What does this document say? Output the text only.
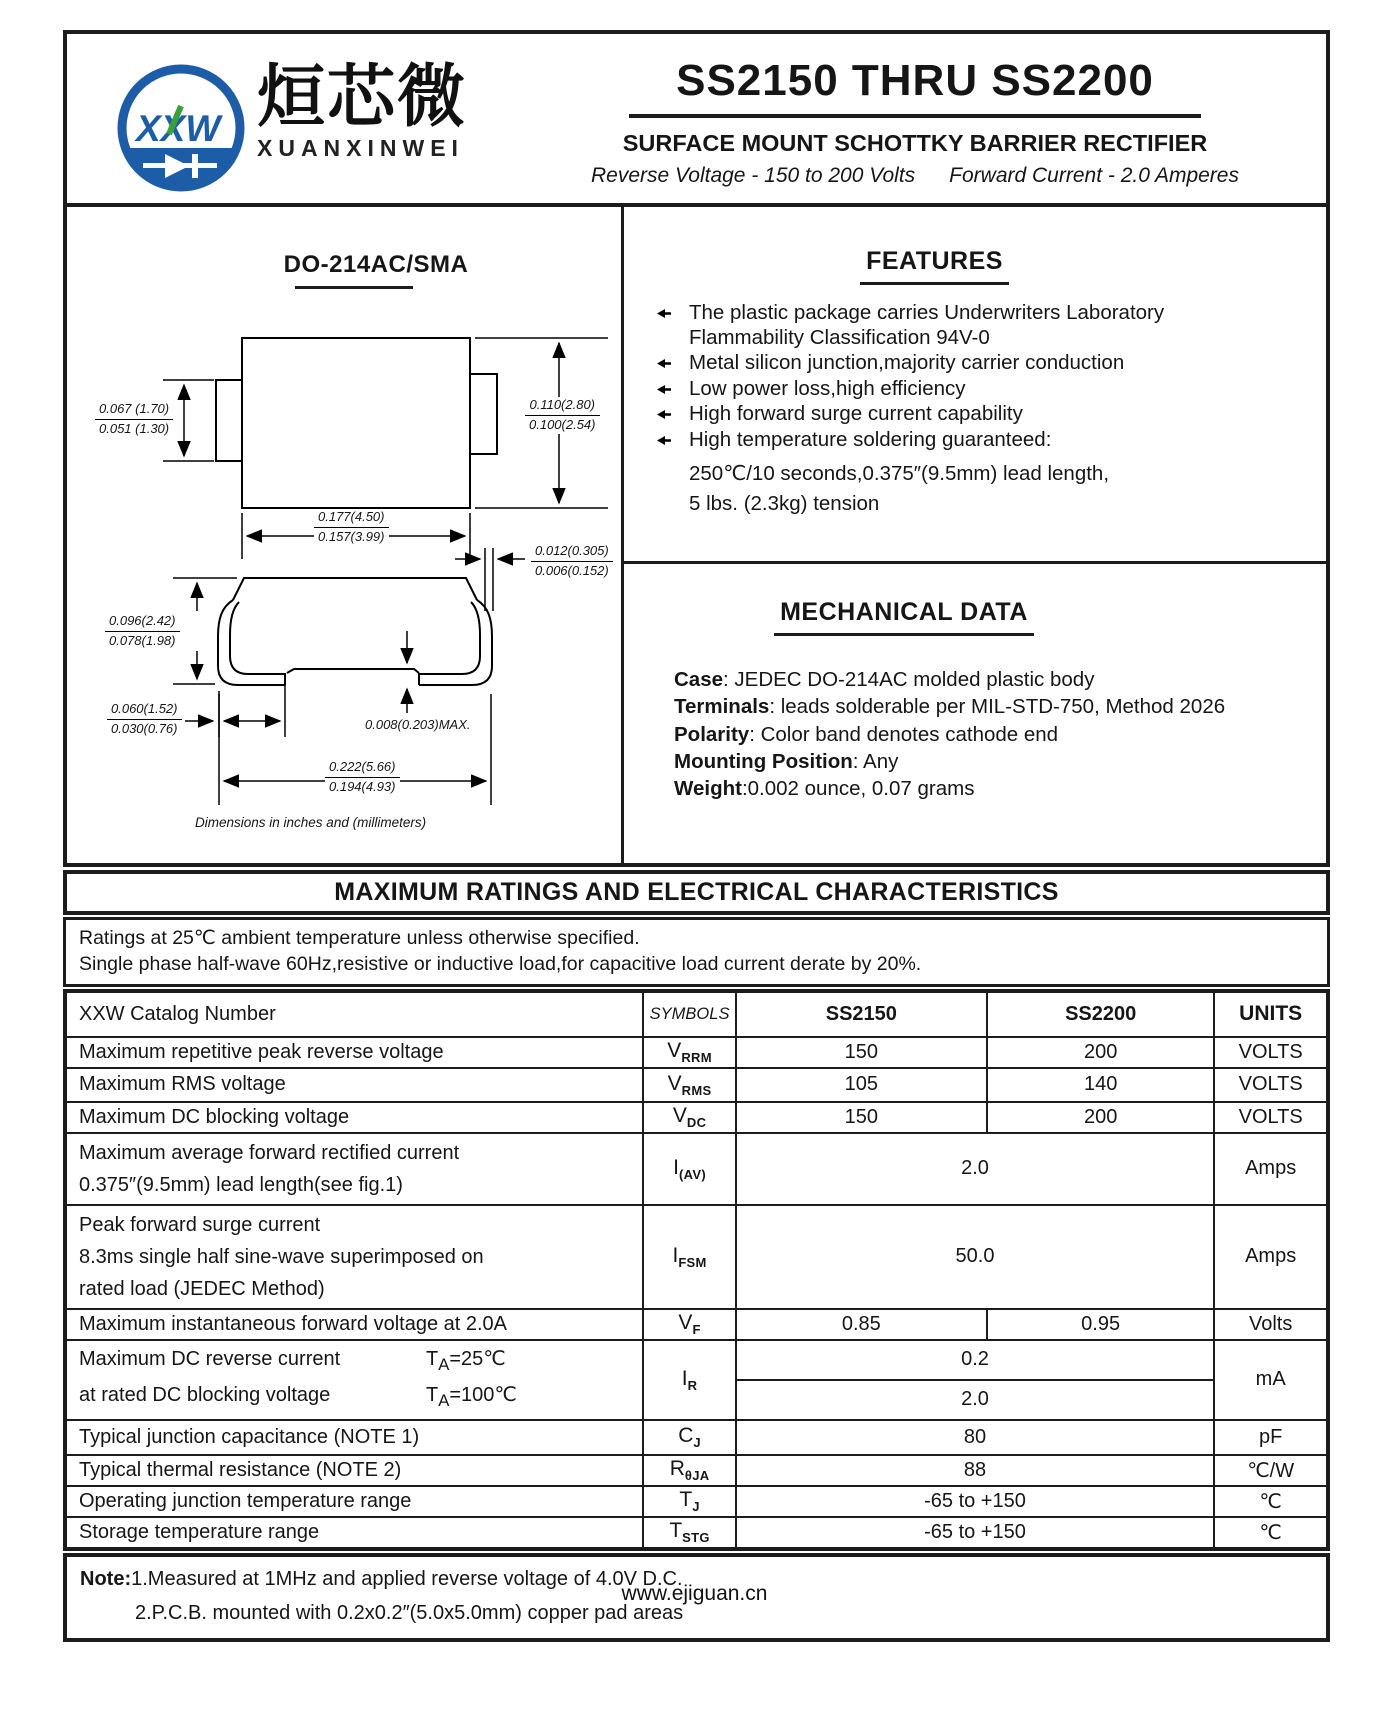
XXW 烜芯微
XUANXINWEI
SS2150 THRU SS2200
SURFACE MOUNT SCHOTTKY BARRIER RECTIFIER

Reverse Voltage - 150 to 200 Volts Forward Current - 2.0 Amperes

DO-214AC/SMA
0.067 (1.70)
0.051 (1.30)
0.110(2.80)
0.100(2.54)
0.177(4.50)
0.157(3.99)
0.012(0.305)
0.006(0.152)
0.096(2.42)
0.078(1.98)
0.060(1.52)
0.030(0.76)	0.008(0.203)MAX.
0.222(5.66)
0.194(4.93)
Dimensions in inches and (millimeters)
FEATURES
The plastic package carries Underwriters Laboratory Flammability Classification 94V-0
Metal silicon junction,majority carrier conduction
Low power loss,high efficiency
High forward surge current capability
High temperature soldering guaranteed:
250℃/10 seconds,0.375″(9.5mm) lead length,
5 lbs. (2.3kg) tension
MECHANICAL DATA
Case: JEDEC DO-214AC molded plastic body
Terminals: leads solderable per MIL-STD-750, Method 2026
Polarity: Color band denotes cathode end
Mounting Position: Any
Weight:0.002 ounce, 0.07 grams
MAXIMUM RATINGS AND ELECTRICAL CHARACTERISTICS
Ratings at 25℃ ambient temperature unless otherwise specified.
Single phase half-wave 60Hz,resistive or inductive load,for capacitive load current derate by 20%.
XXW Catalog Number	SYMBOLS	SS2150	SS2200	UNITS
Maximum repetitive peak reverse voltage	$V_{RRM}$	150	200	VOLTS
Maximum RMS voltage	$V_{RMS}$	105	140	VOLTS
Maximum DC blocking voltage	$V_{DC}$	150	200	VOLTS

Maximum average forward rectified current
0.375″(9.5mm) lead length(see fig.1)	$I_{(AV)}$	2.0		Amps

Peak forward surge current
8.3ms single half sine-wave superimposed on
rated load (JEDEC Method)	$I_{FSM}$	50.0		Amps
Maximum instantaneous forward voltage at 2.0A	$V_F$	0.85	0.95	Volts

Maximum DC reverse current $T_A=25℃$
at rated DC blocking voltage $T_A=100℃$	$I_R$	0.2		mA
		2.0		
Typical junction capacitance (NOTE 1)	$C_J$	80		pF
Typical thermal resistance (NOTE 2)	$R_{\theta JA}$	88		℃/W
Operating junction temperature range	$T_J$	-65 to +150		℃
Storage temperature range	$T_{STG}$	-65 to +150		℃
Note:1.Measured at 1MHz and applied reverse voltage of 4.0V D.C.
2.P.C.B. mounted with 0.2x0.2″(5.0x5.0mm) copper pad areas
www.ejiguan.cn
